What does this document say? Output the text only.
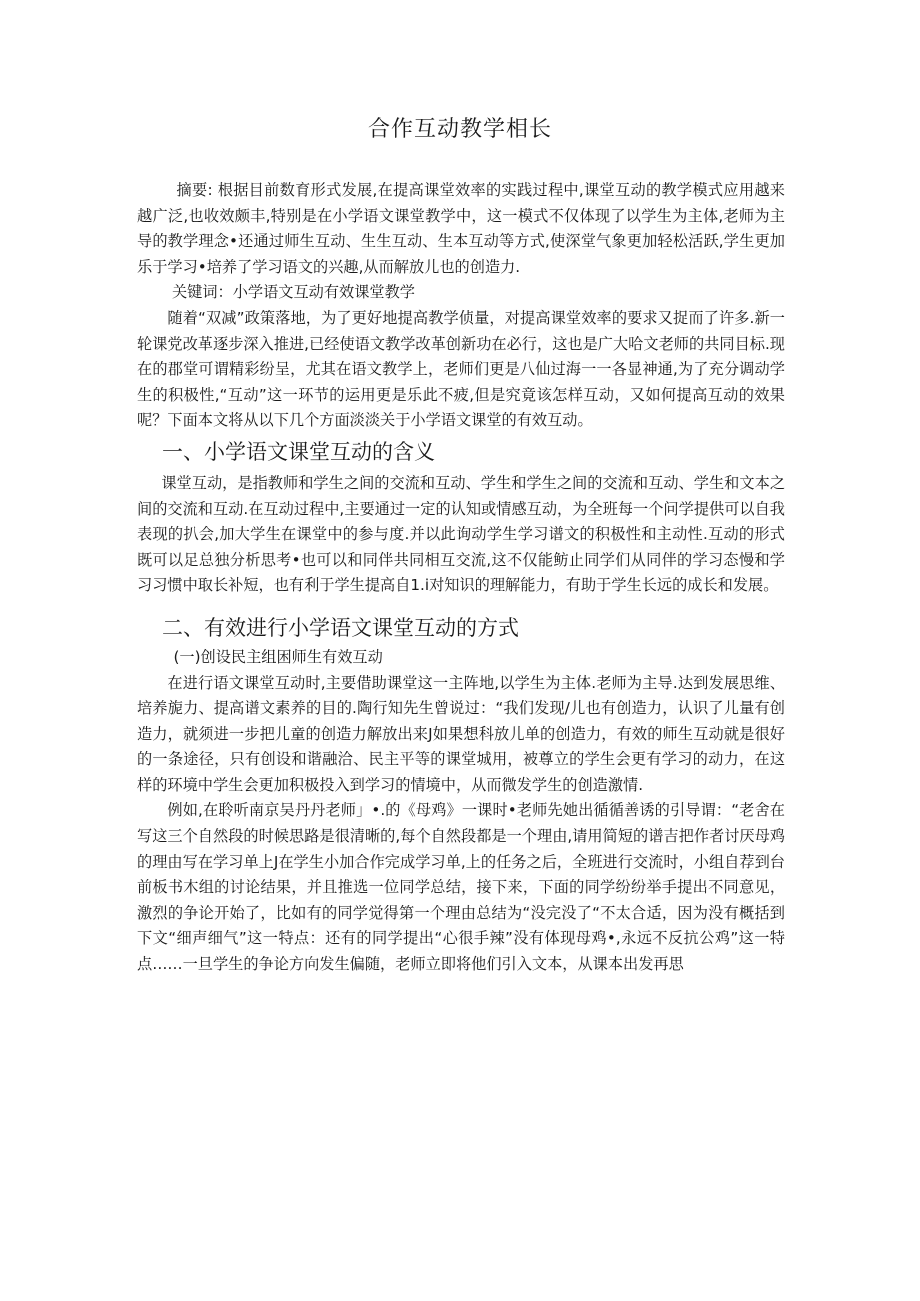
合作互动教学相长

摘要: 根据目前数育形式发展,在提高课堂效率的实践过程中,课堂互动的教学模式应用越来越广泛,也收效颇丰,特别是在小学语文课堂教学中，这一模式不仅体现了以学生为主体,老师为主导的教学理念•还通过师生互动、生生互动、生本互动等方式,使深堂气象更加轻松活跃,学生更加乐于学习•培养了学习语文的兴趣,从而解放儿也的创造力.

关键词：小学语文互动有效课堂教学

随着“双减”政策落地，为了更好地提高教学侦量，对提高课堂效率的要求又捉而了许多.新一轮课党改革逐步深入推进,已经使语文教学改革创新功在必行，这也是广大哈文老师的共同目标.现在的郡堂可谓精彩纷呈，尤其在语文教学上，老师们更是八仙过海一一各显神通,为了充分调动学生的积极性,“互动”这一环节的运用更是乐此不疲,但是究竟该怎样互动，又如何提高互动的效果呢？下面本文将从以下几个方面淡淡关于小学语文课堂的有效互动。

一、小学语文课堂互动的含义

课堂互动，是指教师和学生之间的交流和互动、学生和学生之间的交流和互动、学生和文本之间的交流和互动.在互动过程中,主要通过一定的认知或情感互动，为全班每一个问学提供可以自我表现的扒会,加大学生在课堂中的参与度.并以此询动学生学习谱文的积极性和主动性.互动的形式既可以足总独分析思考•也可以和同伴共同相互交流,这不仅能鲂止同学们从同伴的学习态慢和学习习惯中取长补短，也有利于学生提高自1.i对知识的理解能力，有助于学生长远的成长和发展。

二、有效进行小学语文课堂互动的方式

(一)创设民主组困师生有效互动

在进行语文课堂互动时,主要借助课堂这一主阵地,以学生为主体.老师为主导.达到发展思维、培养旎力、提高谱文素养的目的.陶行知先生曾说过：“我们发现/儿也有创造力，认识了儿量有创造力，就须进一步把儿童的创造力解放出来J如果想科放儿单的创造力，有效的师生互动就是很好的一条途径，只有创设和谐融洽、民主平等的课堂城用，被尊立的学生会更有学习的动力，在这样的环境中学生会更加积极投入到学习的情境中，从而微发学生的创造激情.

例如,在聆听南京吴丹丹老师」•.的《母鸡》一课时•老师先她出循循善诱的引导谓：“老舍在写这三个自然段的时候思路是很清晰的,每个自然段都是一个理由,请用简短的谱吉把作者讨厌母鸡的理由写在学习单上J在学生小加合作完成学习单,上的任务之后，全班进行交流时，小组自荐到台前板书木组的讨论结果，并且推选一位同学总结，接下来，下面的同学纷纷举手提出不同意见，激烈的争论开始了，比如有的同学觉得第一个理由总结为“没完没了“不太合适，因为没有概括到下文“细声细气”这一特点：还有的同学提出“心很手辣”没有体现母鸡•,永远不反抗公鸡”这一特点……一旦学生的争论方向发生偏随，老师立即将他们引入文本，从课本出发再思
